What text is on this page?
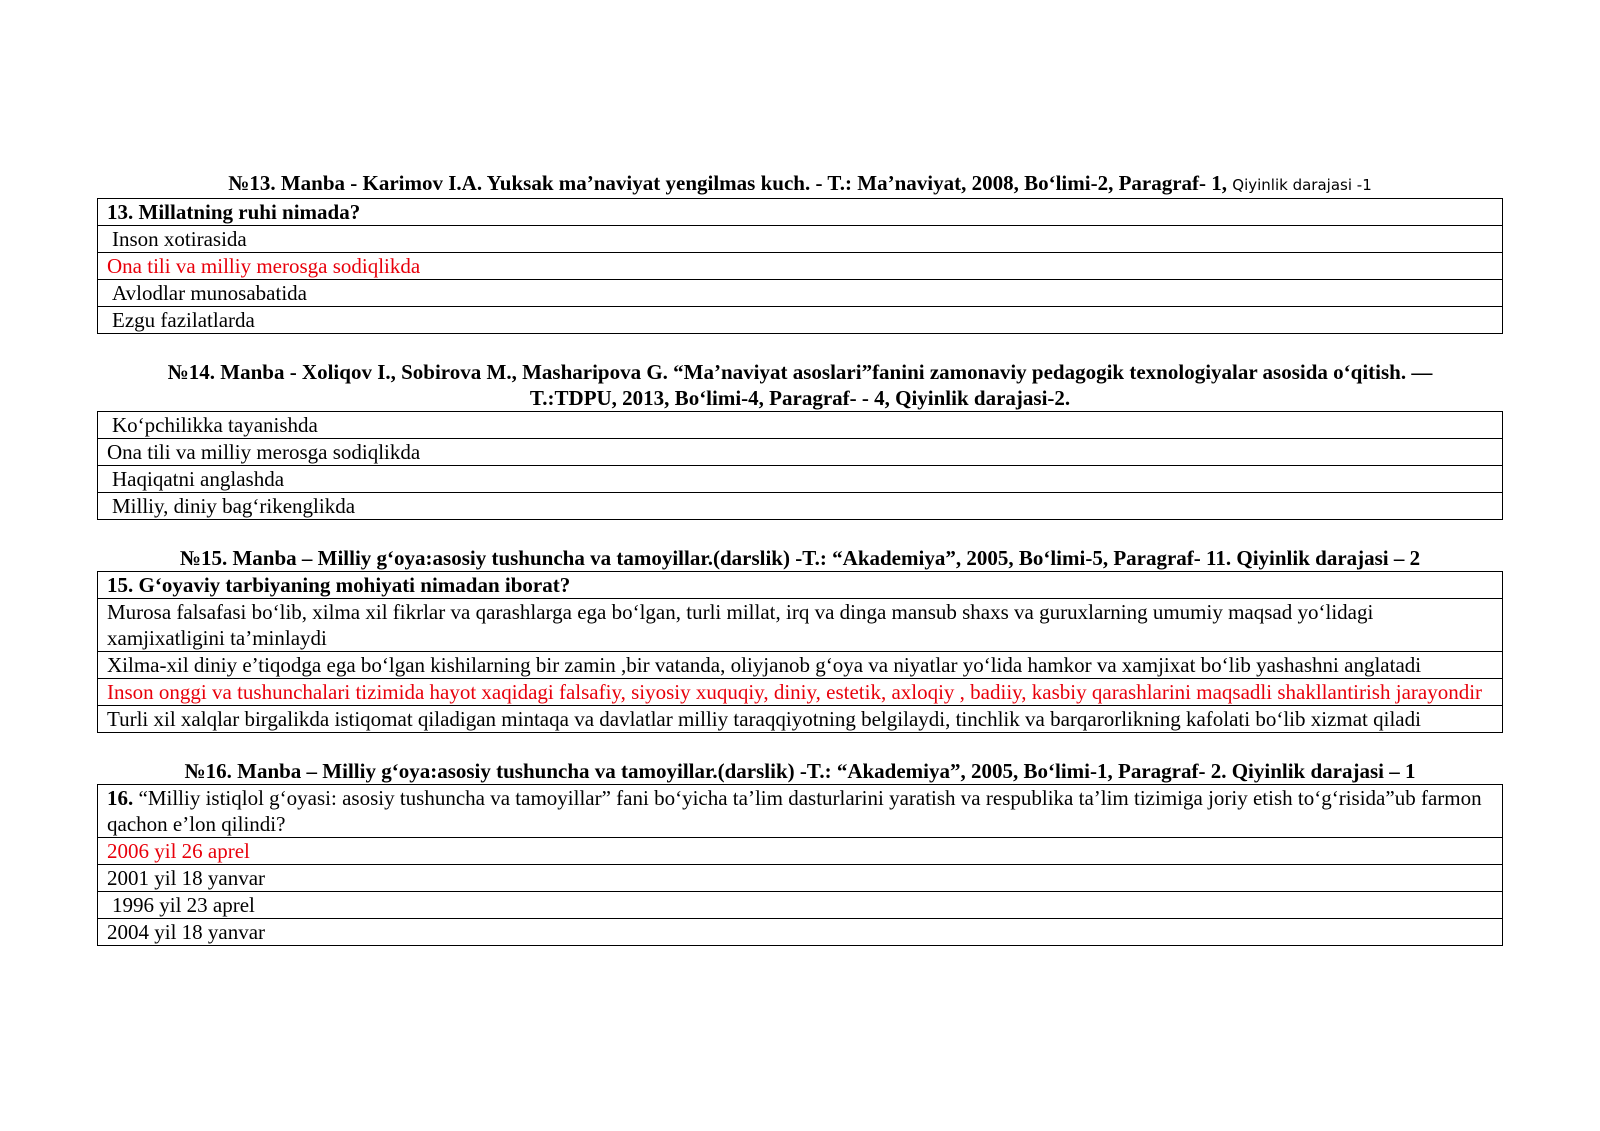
№13. Manba - Karimov I.A. Yuksak ma’naviyat yengilmas kuch. - T.: Ma’naviyat, 2008, Bo‘limi-2, Paragraf- 1, Qiyinlik darajasi -1
13. Millatning ruhi nimada?
Inson xotirasida
Ona tili va milliy merosga sodiqlikda
Avlodlar munosabatida
Ezgu fazilatlarda
№14. Manba - Xoliqov I., Sobirova M., Masharipova G. “Ma’naviyat asoslari”fanini zamonaviy pedagogik texnologiyalar asosida o‘qitish. —
T.:TDPU, 2013, Bo‘limi-4, Paragraf- - 4, Qiyinlik darajasi-2.
Ko‘pchilikka tayanishda
Ona tili va milliy merosga sodiqlikda
Haqiqatni anglashda
Milliy, diniy bag‘rikenglikda
№15. Manba – Milliy g‘oya:asosiy tushuncha va tamoyillar.(darslik) -T.: “Akademiya”, 2005, Bo‘limi-5, Paragraf- 11. Qiyinlik darajasi – 2
15. G‘oyaviy tarbiyaning mohiyati nimadan iborat?
Murosa falsafasi bo‘lib, xilma xil fikrlar va qarashlarga ega bo‘lgan, turli millat, irq va dinga mansub shaxs va guruxlarning umumiy maqsad yo‘lidagi xamjixatligini ta’minlaydi
Xilma-xil diniy e’tiqodga ega bo‘lgan kishilarning bir zamin ,bir vatanda, oliyjanob g‘oya va niyatlar yo‘lida hamkor va xamjixat bo‘lib yashashni anglatadi
Inson onggi va tushunchalari tizimida hayot xaqidagi falsafiy, siyosiy xuquqiy, diniy, estetik, axloqiy , badiiy, kasbiy qarashlarini maqsadli shakllantirish jarayondir
Turli xil xalqlar birgalikda istiqomat qiladigan mintaqa va davlatlar milliy taraqqiyotning belgilaydi, tinchlik va barqarorlikning kafolati bo‘lib xizmat qiladi
№16. Manba – Milliy g‘oya:asosiy tushuncha va tamoyillar.(darslik) -T.: “Akademiya”, 2005, Bo‘limi-1, Paragraf- 2. Qiyinlik darajasi – 1
16. “Milliy istiqlol g‘oyasi: asosiy tushuncha va tamoyillar” fani bo‘yicha ta’lim dasturlarini yaratish va respublika ta’lim tizimiga joriy etish to‘g‘risida”ub farmon qachon e’lon qilindi?
2006 yil 26 aprel
2001 yil 18 yanvar
1996 yil 23 aprel
2004 yil 18 yanvar
